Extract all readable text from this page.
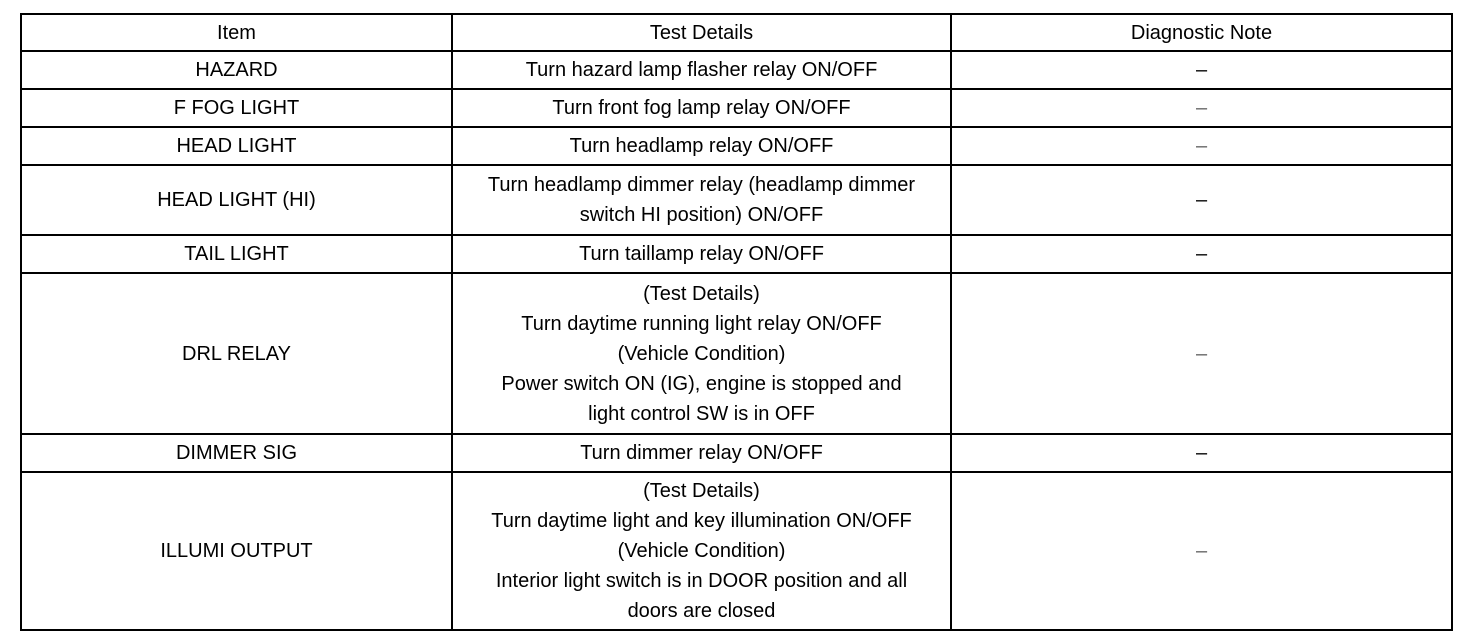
Item	Test Details	Diagnostic Note
HAZARD	Turn hazard lamp flasher relay ON/OFF	–
F FOG LIGHT	Turn front fog lamp relay ON/OFF	–
HEAD LIGHT	Turn headlamp relay ON/OFF	–
HEAD LIGHT (HI)	Turn headlamp dimmer relay (headlamp dimmer
switch HI position) ON/OFF	–
TAIL LIGHT	Turn taillamp relay ON/OFF	–
DRL RELAY	(Test Details)
Turn daytime running light relay ON/OFF
(Vehicle Condition)
Power switch ON (IG), engine is stopped and
light control SW is in OFF	–
DIMMER SIG	Turn dimmer relay ON/OFF	–
ILLUMI OUTPUT	(Test Details)
Turn daytime light and key illumination ON/OFF
(Vehicle Condition)
Interior light switch is in DOOR position and all
doors are closed	–
